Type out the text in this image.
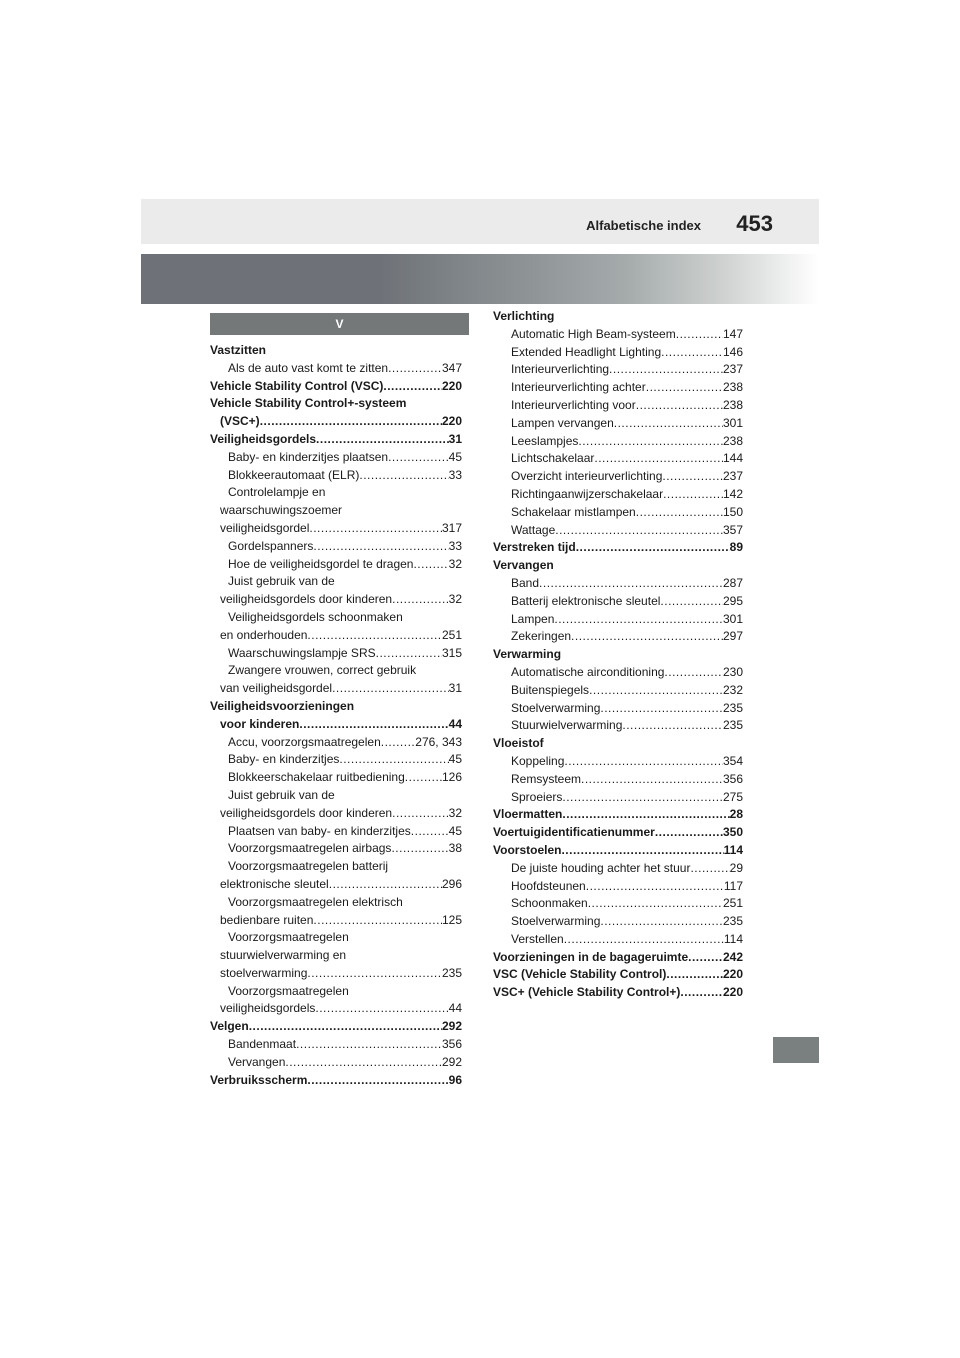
Alfabetische index 453
V
Vastzitten
Als de auto vast komt te zitten .....	347
Vehicle Stability Control (VSC) .....	220
Vehicle Stability Control+-systeem
(VSC+) .....	220
Veiligheidsgordels .....	31
Baby- en kinderzitjes plaatsen .....	45
Blokkeerautomaat (ELR) .....	33
Controlelampje en
waarschuwingszoemer
veiligheidsgordel .....	317
Gordelspanners .....	33
Hoe de veiligheidsgordel te dragen .....	32
Juist gebruik van de
veiligheidsgordels door kinderen .....	32
Veiligheidsgordels schoonmaken
en onderhouden .....	251
Waarschuwingslampje SRS .....	315
Zwangere vrouwen, correct gebruik
van veiligheidsgordel .....	31
Veiligheidsvoorzieningen
voor kinderen .....	44
Accu, voorzorgsmaatregelen .....	276, 343
Baby- en kinderzitjes .....	45
Blokkeerschakelaar ruitbediening .....	126
Juist gebruik van de
veiligheidsgordels door kinderen .....	32
Plaatsen van baby- en kinderzitjes .....	45
Voorzorgsmaatregelen airbags .....	38
Voorzorgsmaatregelen batterij
elektronische sleutel .....	296
Voorzorgsmaatregelen elektrisch
bedienbare ruiten .....	125
Voorzorgsmaatregelen
stuurwielverwarming en
stoelverwarming .....	235
Voorzorgsmaatregelen
veiligheidsgordels .....	44
Velgen .....	292
Bandenmaat .....	356
Vervangen .....	292
Verbruiksscherm .....	96
Verlichting
Automatic High Beam-systeem .....	147
Extended Headlight Lighting .....	146
Interieurverlichting .....	237
Interieurverlichting achter .....	238
Interieurverlichting voor .....	238
Lampen vervangen .....	301
Leeslampjes .....	238
Lichtschakelaar .....	144
Overzicht interieurverlichting .....	237
Richtingaanwijzerschakelaar .....	142
Schakelaar mistlampen .....	150
Wattage .....	357
Verstreken tijd .....	89
Vervangen
Band .....	287
Batterij elektronische sleutel .....	295
Lampen .....	301
Zekeringen .....	297
Verwarming
Automatische airconditioning .....	230
Buitenspiegels .....	232
Stoelverwarming .....	235
Stuurwielverwarming .....	235
Vloeistof
Koppeling .....	354
Remsysteem .....	356
Sproeiers .....	275
Vloermatten .....	28
Voertuigidentificatienummer .....	350
Voorstoelen .....	114
De juiste houding achter het stuur .....	29
Hoofdsteunen .....	117
Schoonmaken .....	251
Stoelverwarming .....	235
Verstellen .....	114
Voorzieningen in de bagageruimte .....	242
VSC (Vehicle Stability Control) .....	220
VSC+ (Vehicle Stability Control+) .....	220
